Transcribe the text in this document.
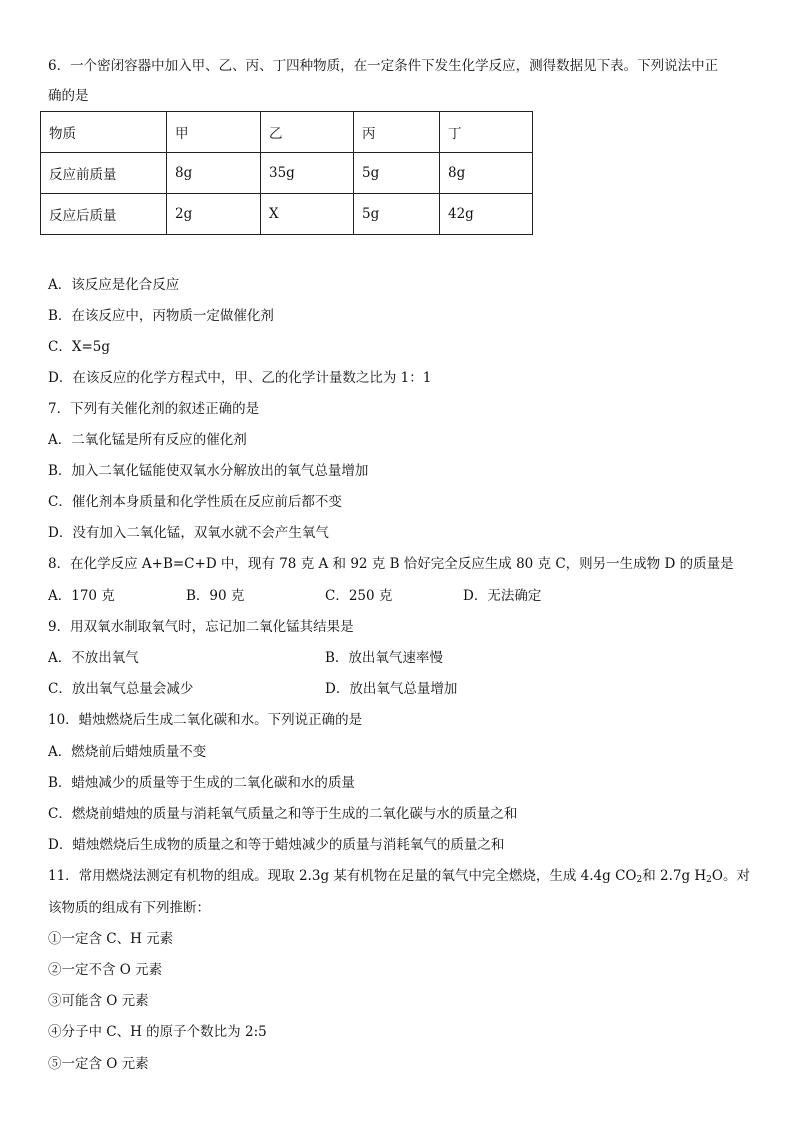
6．一个密闭容器中加入甲、乙、丙、丁四种物质，在一定条件下发生化学反应，测得数据见下表。下列说法中正
确的是
物质	甲	乙	丙	丁
反应前质量	8g	35g	5g	8g
反应后质量	2g	X	5g	42g
A．该反应是化合反应
B．在该反应中，丙物质一定做催化剂
C．X=5g
D．在该反应的化学方程式中，甲、乙的化学计量数之比为 1：1
7．下列有关催化剂的叙述正确的是
A．二氧化锰是所有反应的催化剂
B．加入二氧化锰能使双氧水分解放出的氧气总量增加
C．催化剂本身质量和化学性质在反应前后都不变
D．没有加入二氧化锰，双氧水就不会产生氧气
8．在化学反应 A+B=C+D 中，现有 78 克 A 和 92 克 B 恰好完全反应生成 80 克 C，则另一生成物 D 的质量是
A．170 克	B．90 克	C．250 克	D．无法确定
9．用双氧水制取氧气时，忘记加二氧化锰其结果是
A．不放出氧气	B．放出氧气速率慢
C．放出氧气总量会减少	D．放出氧气总量增加
10．蜡烛燃烧后生成二氧化碳和水。下列说正确的是
A．燃烧前后蜡烛质量不变
B．蜡烛减少的质量等于生成的二氧化碳和水的质量
C．燃烧前蜡烛的质量与消耗氧气质量之和等于生成的二氧化碳与水的质量之和
D．蜡烛燃烧后生成物的质量之和等于蜡烛减少的质量与消耗氧气的质量之和
11．常用燃烧法测定有机物的组成。现取 2.3g 某有机物在足量的氧气中完全燃烧，生成 4.4g $CO_2$和 2.7g $H_2O$。对
该物质的组成有下列推断：
①一定含 C、H 元素
②一定不含 O 元素
③可能含 O 元素
④分子中 C、H 的原子个数比为 2:5
⑤一定含 O 元素
